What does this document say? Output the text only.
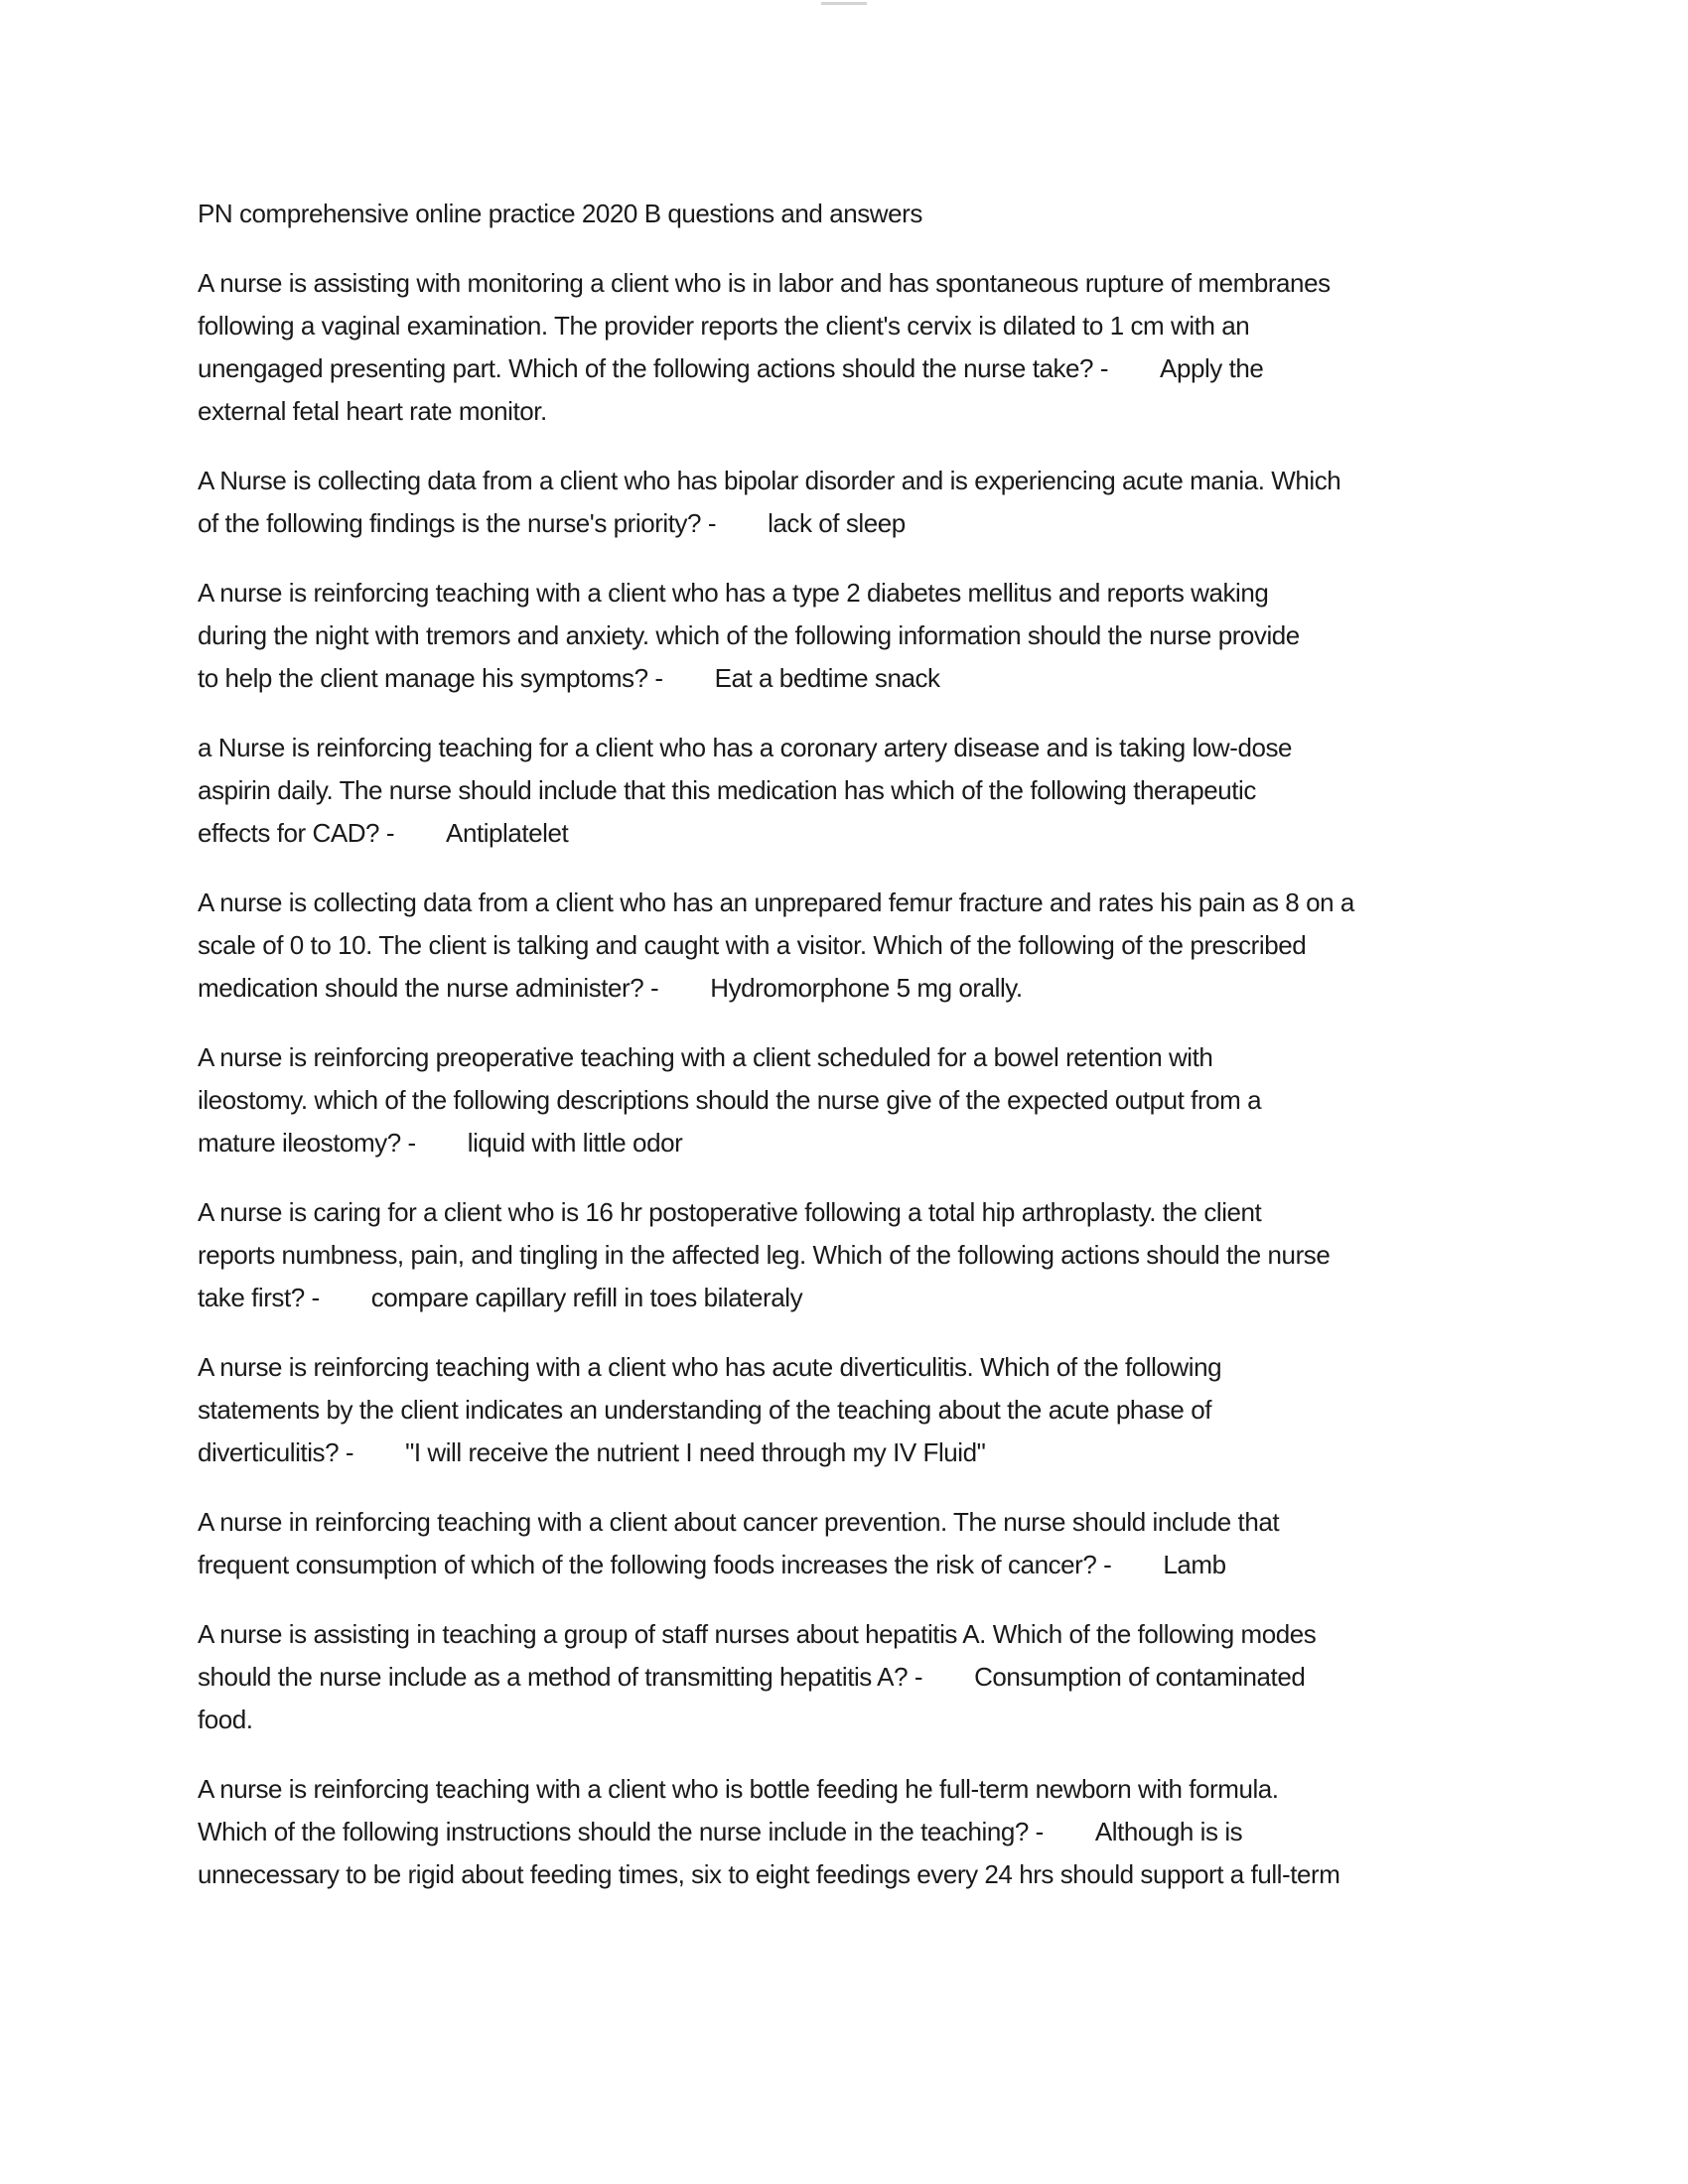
PN comprehensive online practice 2020 B questions and answers
A nurse is assisting with monitoring a client who is in labor and has spontaneous rupture of membranes
following a vaginal examination. The provider reports the client's cervix is dilated to 1 cm with an
unengaged presenting part. Which of the following actions should the nurse take? - Apply the
external fetal heart rate monitor.
A Nurse is collecting data from a client who has bipolar disorder and is experiencing acute mania. Which
of the following findings is the nurse's priority? - lack of sleep
A nurse is reinforcing teaching with a client who has a type 2 diabetes mellitus and reports waking
during the night with tremors and anxiety. which of the following information should the nurse provide
to help the client manage his symptoms? - Eat a bedtime snack
a Nurse is reinforcing teaching for a client who has a coronary artery disease and is taking low-dose
aspirin daily. The nurse should include that this medication has which of the following therapeutic
effects for CAD? - Antiplatelet
A nurse is collecting data from a client who has an unprepared femur fracture and rates his pain as 8 on a
scale of 0 to 10. The client is talking and caught with a visitor. Which of the following of the prescribed
medication should the nurse administer? - Hydromorphone 5 mg orally.
A nurse is reinforcing preoperative teaching with a client scheduled for a bowel retention with
ileostomy. which of the following descriptions should the nurse give of the expected output from a
mature ileostomy? - liquid with little odor
A nurse is caring for a client who is 16 hr postoperative following a total hip arthroplasty. the client
reports numbness, pain, and tingling in the affected leg. Which of the following actions should the nurse
take first? - compare capillary refill in toes bilateraly
A nurse is reinforcing teaching with a client who has acute diverticulitis. Which of the following
statements by the client indicates an understanding of the teaching about the acute phase of
diverticulitis? - "I will receive the nutrient I need through my IV Fluid"
A nurse in reinforcing teaching with a client about cancer prevention. The nurse should include that
frequent consumption of which of the following foods increases the risk of cancer? - Lamb
A nurse is assisting in teaching a group of staff nurses about hepatitis A. Which of the following modes
should the nurse include as a method of transmitting hepatitis A? - Consumption of contaminated
food.
A nurse is reinforcing teaching with a client who is bottle feeding he full-term newborn with formula.
Which of the following instructions should the nurse include in the teaching? - Although is is
unnecessary to be rigid about feeding times, six to eight feedings every 24 hrs should support a full-term
